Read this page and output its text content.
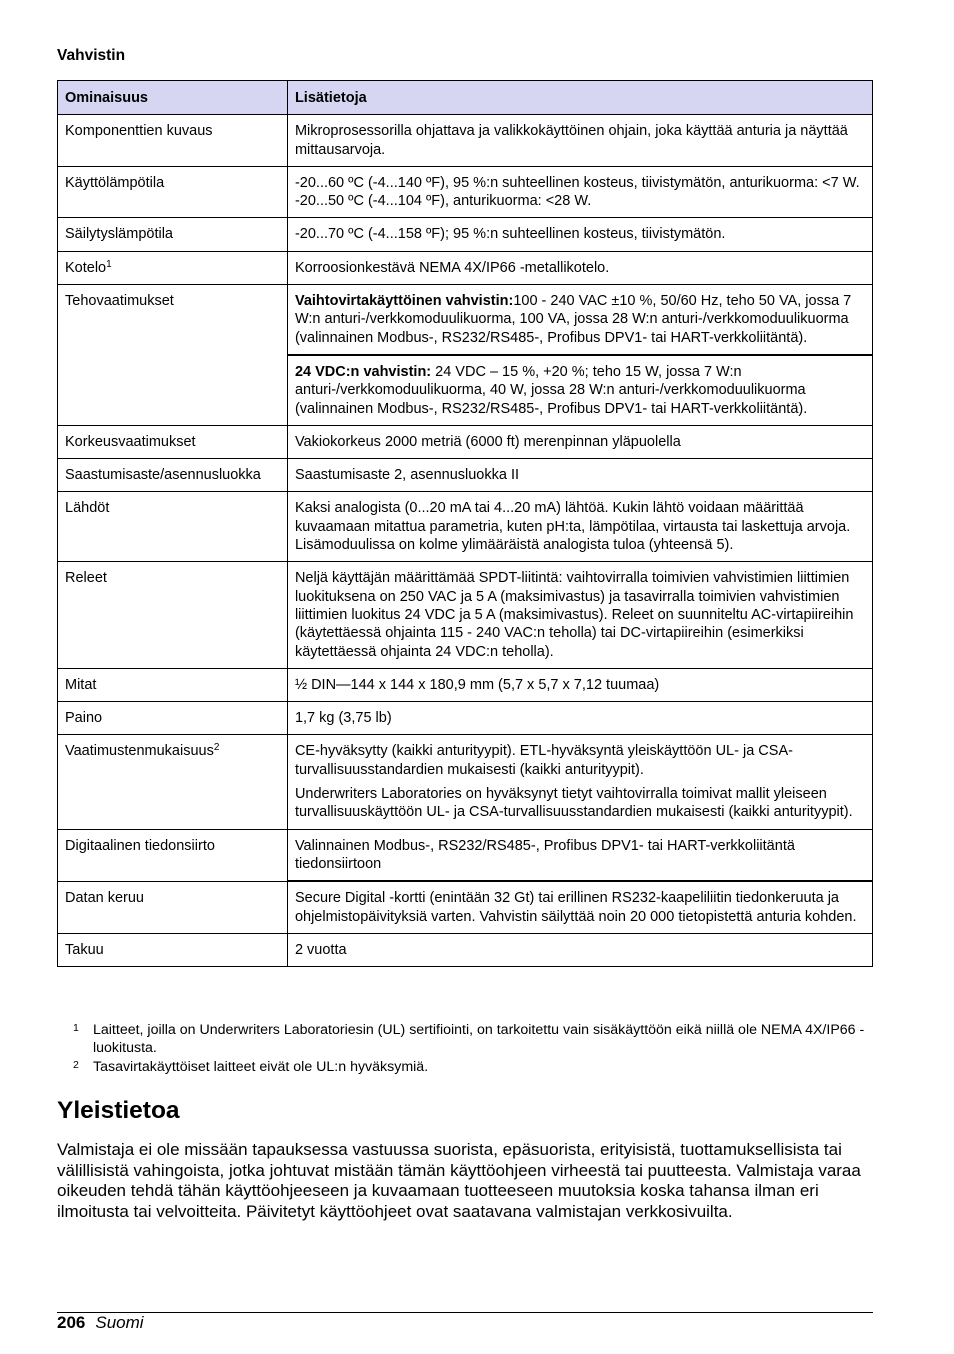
Vahvistin
Ominaisuus	Lisätietoja
Komponenttien kuvaus	Mikroprosessorilla ohjattava ja valikkokäyttöinen ohjain, joka käyttää anturia ja näyttää mittausarvoja.
Käyttölämpötila	-20...60 ºC (-4...140 ºF), 95 %:n suhteellinen kosteus, tiivistymätön, anturikuorma: <7 W. -20...50 ºC (-4...104 ºF), anturikuorma: <28 W.
Säilytyslämpötila	-20...70 ºC (-4...158 ºF); 95 %:n suhteellinen kosteus, tiivistymätön.
Kotelo$^1$	Korroosionkestävä NEMA 4X/IP66 -metallikotelo.
Tehovaatimukset	Vaihtovirtakäyttöinen vahvistin:100 - 240 VAC ±10 %, 50/60 Hz, teho 50 VA, jossa 7 W:n anturi-/verkkomoduulikuorma, 100 VA, jossa 28 W:n anturi-/verkkomoduulikuorma (valinnainen Modbus-, RS232/RS485-, Profibus DPV1- tai HART-verkkoliitäntä).
	24 VDC:n vahvistin: 24 VDC – 15 %, +20 %; teho 15 W, jossa 7 W:n anturi-/verkkomoduulikuorma, 40 W, jossa 28 W:n anturi-/verkkomoduulikuorma (valinnainen Modbus-, RS232/RS485-, Profibus DPV1- tai HART-verkkoliitäntä).
Korkeusvaatimukset	Vakiokorkeus 2000 metriä (6000 ft) merenpinnan yläpuolella
Saastumisaste/asennusluokka	Saastumisaste 2, asennusluokka II
Lähdöt	Kaksi analogista (0...20 mA tai 4...20 mA) lähtöä. Kukin lähtö voidaan määrittää kuvaamaan mitattua parametria, kuten pH:ta, lämpötilaa, virtausta tai laskettuja arvoja. Lisämoduulissa on kolme ylimääräistä analogista tuloa (yhteensä 5).
Releet	Neljä käyttäjän määrittämää SPDT-liitintä: vaihtovirralla toimivien vahvistimien liittimien luokituksena on 250 VAC ja 5 A (maksimivastus) ja tasavirralla toimivien vahvistimien liittimien luokitus 24 VDC ja 5 A (maksimivastus). Releet on suunniteltu AC-virtapiireihin (käytettäessä ohjainta 115 - 240 VAC:n teholla) tai DC-virtapiireihin (esimerkiksi käytettäessä ohjainta 24 VDC:n teholla).
Mitat	½ DIN—144 x 144 x 180,9 mm (5,7 x 5,7 x 7,12 tuumaa)
Paino	1,7 kg (3,75 lb)
Vaatimustenmukaisuus$^2$	CE-hyväksytty (kaikki anturityypit). ETL-hyväksyntä yleiskäyttöön UL- ja CSA-turvallisuusstandardien mukaisesti (kaikki anturityypit).

Underwriters Laboratories on hyväksynyt tietyt vaihtovirralla toimivat mallit yleiseen turvallisuuskäyttöön UL- ja CSA-turvallisuusstandardien mukaisesti (kaikki anturityypit).

Digitaalinen tiedonsiirto	Valinnainen Modbus-, RS232/RS485-, Profibus DPV1- tai HART-verkkoliitäntä tiedonsiirtoon
Datan keruu	Secure Digital -kortti (enintään 32 Gt) tai erillinen RS232-kaapeliliitin tiedonkeruuta ja ohjelmistopäivityksiä varten. Vahvistin säilyttää noin 20 000 tietopistettä anturia kohden.
Takuu	2 vuotta
1 Laitteet, joilla on Underwriters Laboratoriesin (UL) sertifiointi, on tarkoitettu vain sisäkäyttöön eikä niillä ole NEMA 4X/IP66 -luokitusta.
2 Tasavirtakäyttöiset laitteet eivät ole UL:n hyväksymiä.
Yleistietoa

Valmistaja ei ole missään tapauksessa vastuussa suorista, epäsuorista, erityisistä, tuottamuksellisista tai välillisistä vahingoista, jotka johtuvat mistään tämän käyttöohjeen virheestä tai puutteesta. Valmistaja varaa oikeuden tehdä tähän käyttöohjeeseen ja kuvaamaan tuotteeseen muutoksia koska tahansa ilman eri ilmoitusta tai velvoitteita. Päivitetyt käyttöohjeet ovat saatavana valmistajan verkkosivuilta.

206 Suomi
